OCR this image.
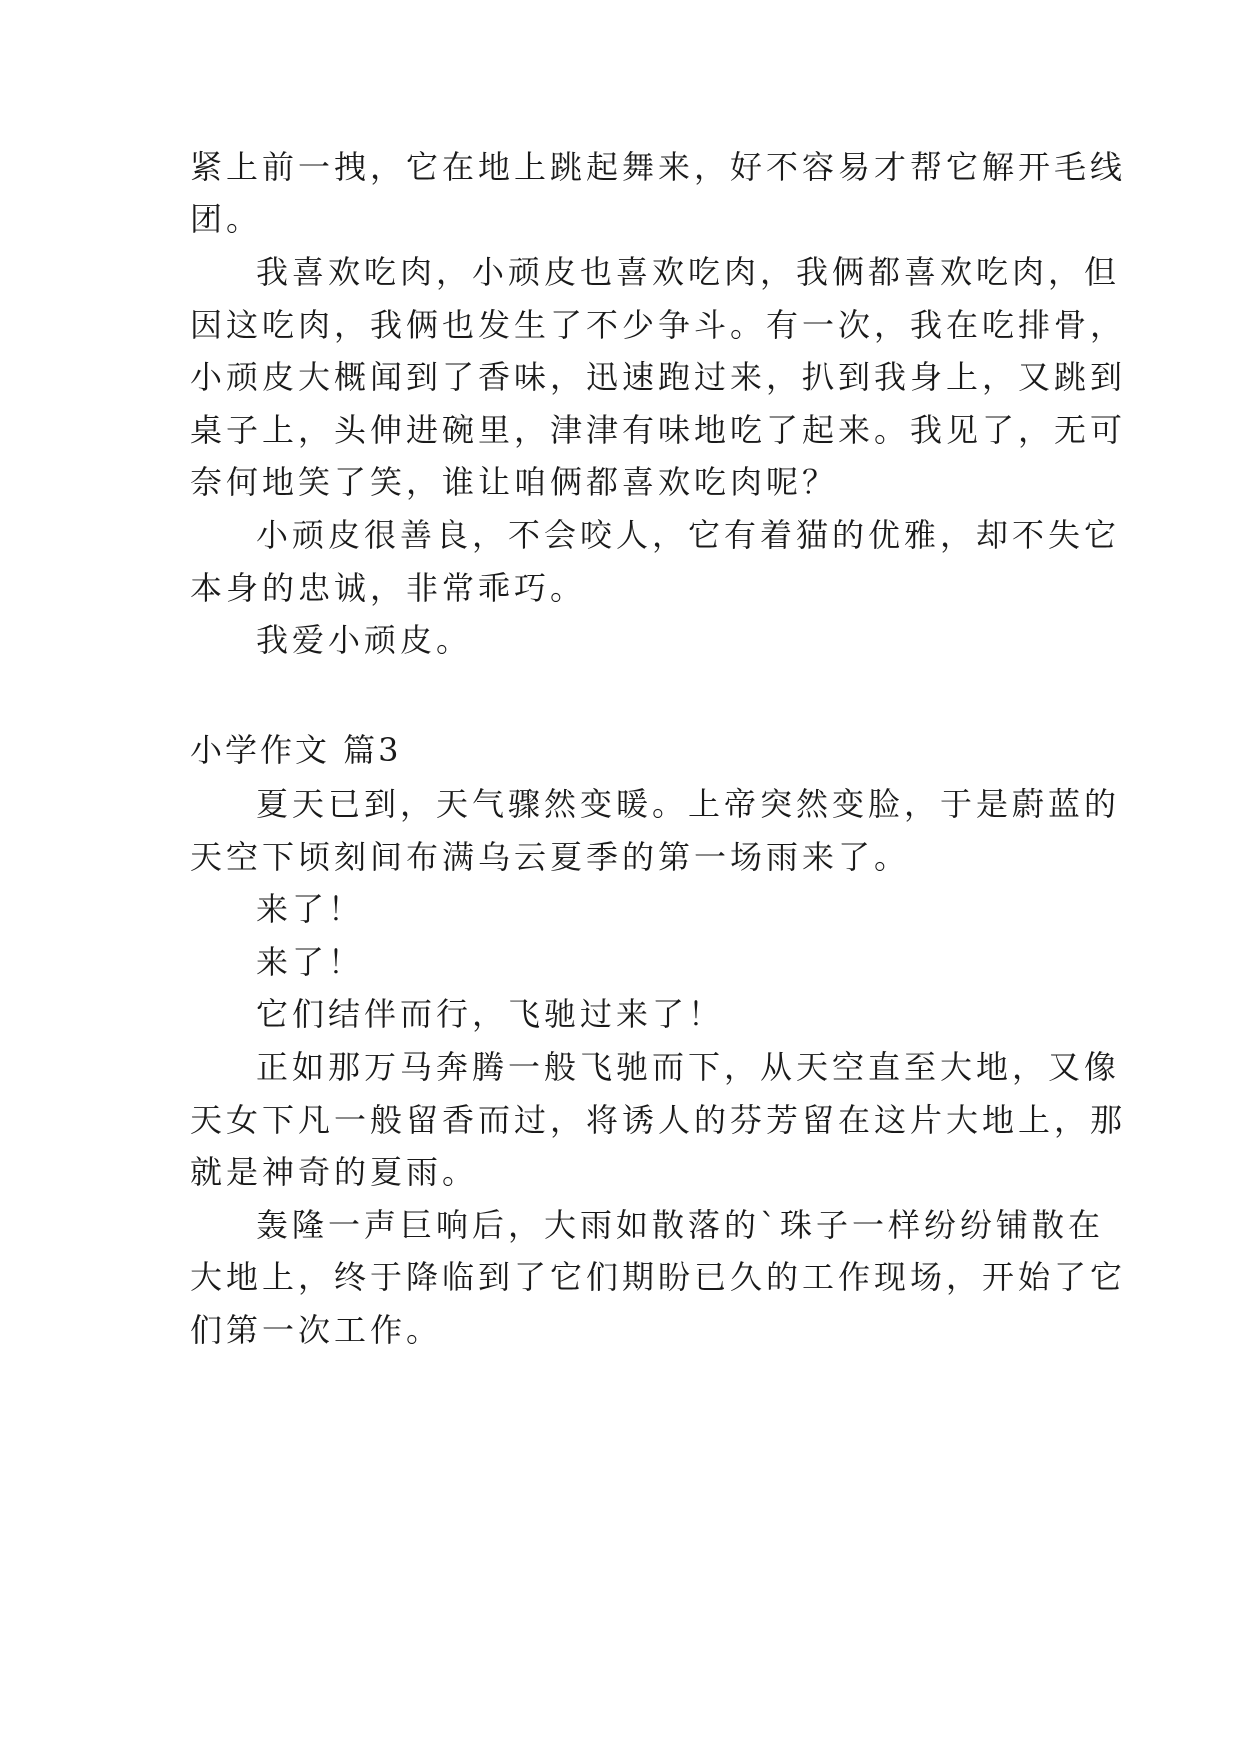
紧上前一拽，它在地上跳起舞来，好不容易才帮它解开毛线
团。
我喜欢吃肉，小顽皮也喜欢吃肉，我俩都喜欢吃肉，但
因这吃肉，我俩也发生了不少争斗。有一次，我在吃排骨，
小顽皮大概闻到了香味，迅速跑过来，扒到我身上，又跳到
桌子上，头伸进碗里，津津有味地吃了起来。我见了，无可
奈何地笑了笑，谁让咱俩都喜欢吃肉呢？
小顽皮很善良，不会咬人，它有着猫的优雅，却不失它
本身的忠诚，非常乖巧。
我爱小顽皮。
小学作文 篇3
夏天已到，天气骤然变暖。上帝突然变脸，于是蔚蓝的
天空下顷刻间布满乌云夏季的第一场雨来了。
来了！
来了！
它们结伴而行，飞驰过来了！
正如那万马奔腾一般飞驰而下，从天空直至大地，又像
天女下凡一般留香而过，将诱人的芬芳留在这片大地上，那
就是神奇的夏雨。
轰隆一声巨响后，大雨如散落的`珠子一样纷纷铺散在
大地上，终于降临到了它们期盼已久的工作现场，开始了它
们第一次工作。
